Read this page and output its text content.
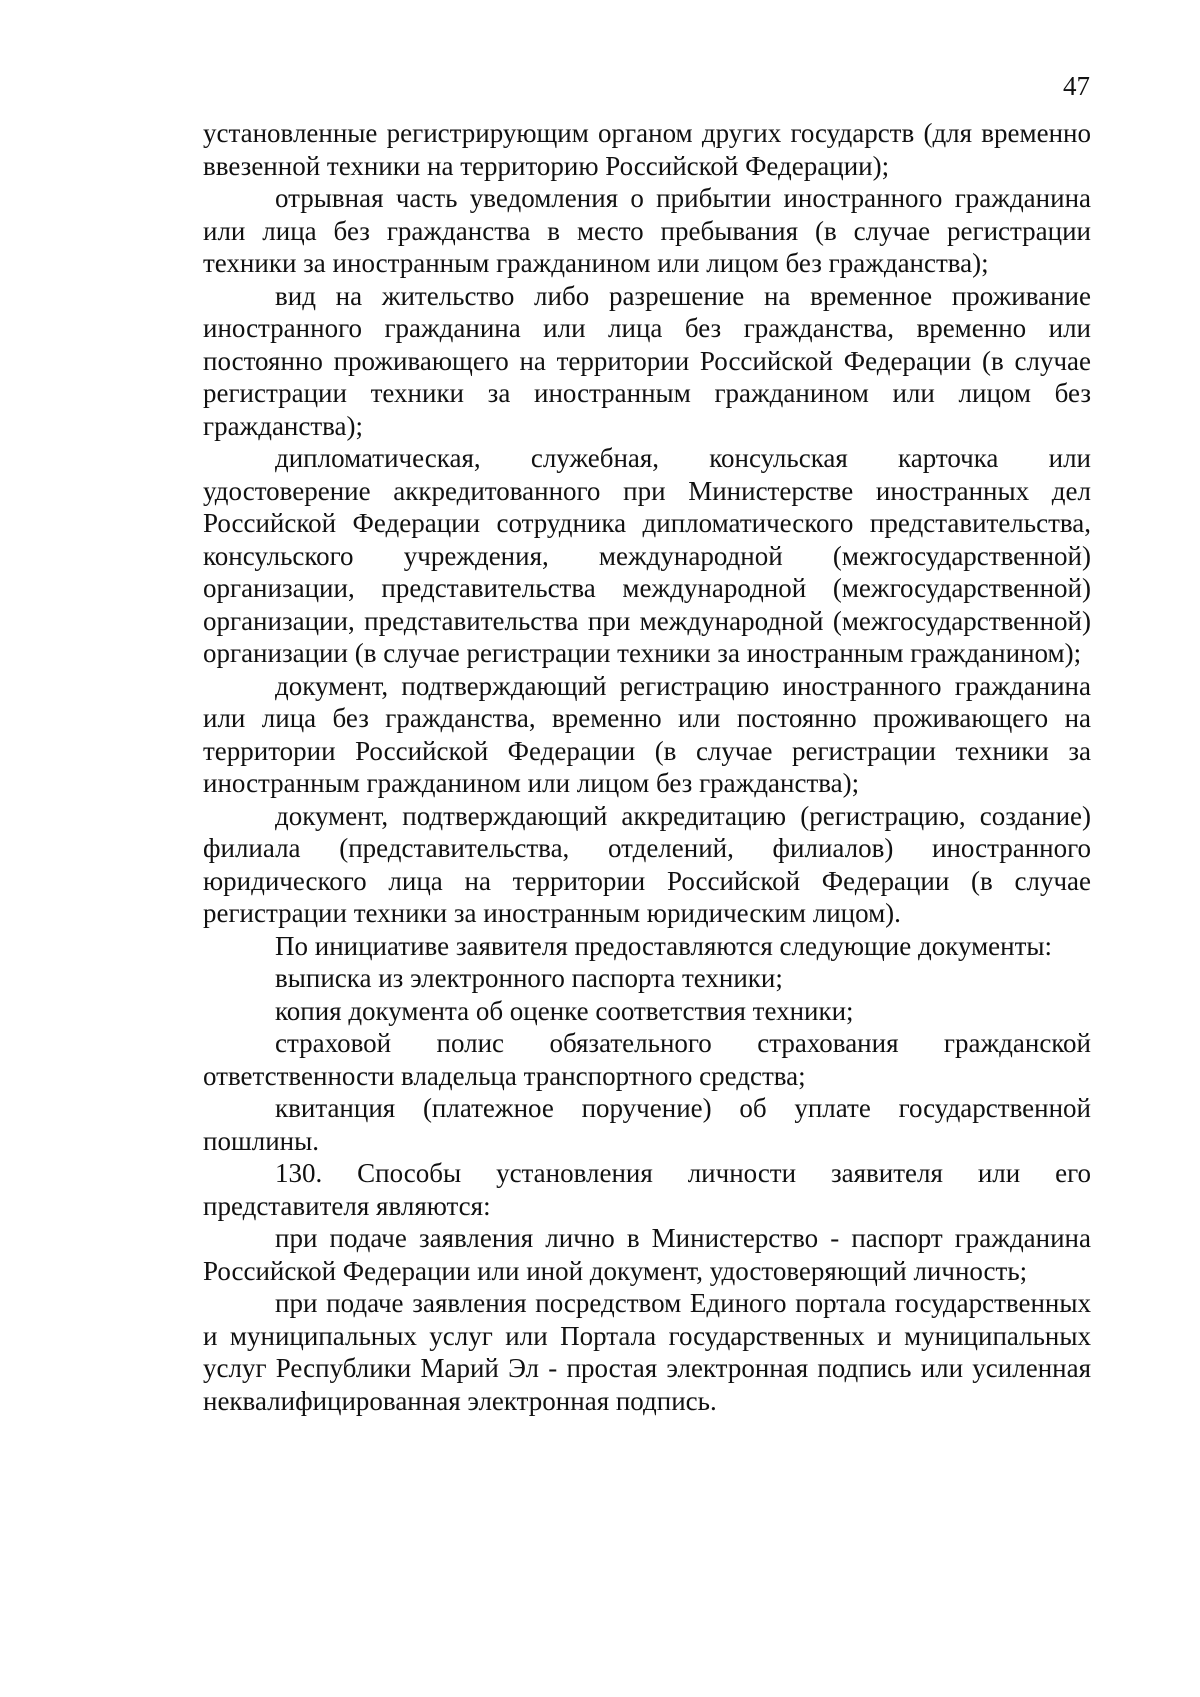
47

установленные регистрирующим органом других государств (для временно ввезенной техники на территорию Российской Федерации);

отрывная часть уведомления о прибытии иностранного гражданина или лица без гражданства в место пребывания (в случае регистрации техники за иностранным гражданином или лицом без гражданства);

вид на жительство либо разрешение на временное проживание иностранного гражданина или лица без гражданства, временно или постоянно проживающего на территории Российской Федерации (в случае регистрации техники за иностранным гражданином или лицом без гражданства);

дипломатическая, служебная, консульская карточка или удостоверение аккредитованного при Министерстве иностранных дел Российской Федерации сотрудника дипломатического представительства, консульского учреждения, международной (межгосударственной) организации, представительства международной (межгосударственной) организации, представительства при международной (межгосударственной) организации (в случае регистрации техники за иностранным гражданином);

документ, подтверждающий регистрацию иностранного гражданина или лица без гражданства, временно или постоянно проживающего на территории Российской Федерации (в случае регистрации техники за иностранным гражданином или лицом без гражданства);

документ, подтверждающий аккредитацию (регистрацию, создание) филиала (представительства, отделений, филиалов) иностранного юридического лица на территории Российской Федерации (в случае регистрации техники за иностранным юридическим лицом).

По инициативе заявителя предоставляются следующие документы:

выписка из электронного паспорта техники;

копия документа об оценке соответствия техники;

страховой полис обязательного страхования гражданской ответственности владельца транспортного средства;

квитанция (платежное поручение) об уплате государственной пошлины.

130. Способы установления личности заявителя или его представителя являются:

при подаче заявления лично в Министерство - паспорт гражданина Российской Федерации или иной документ, удостоверяющий личность;

при подаче заявления посредством Единого портала государственных и муниципальных услуг или Портала государственных и муниципальных услуг Республики Марий Эл - простая электронная подпись или усиленная неквалифицированная электронная подпись.
